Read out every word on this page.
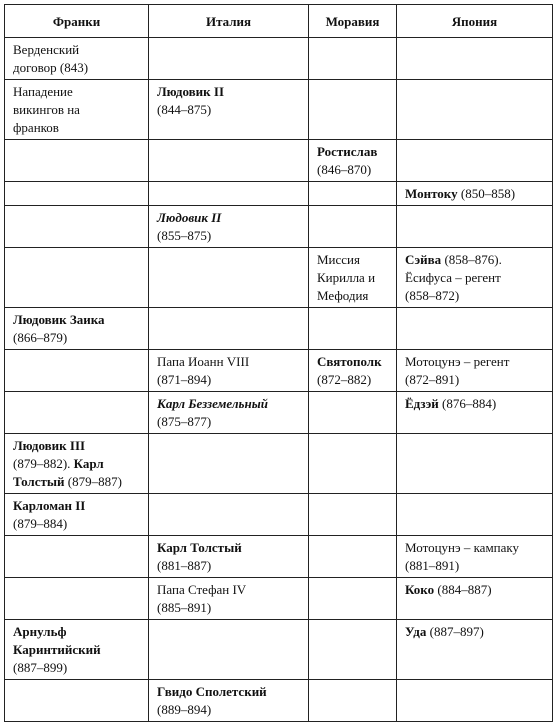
Франки	Италия	Моравия	Япония

Верденский
договор (843)			

Нападение
викингов на
франков	Людовик II
(844–875)		

		Ростислав
(846–870)	

			Монтоку (850–858)

	Людовик II
(855–875)		

		Миссия
Кирилла и
Мефодия	Сэйва (858–876).
Ёсифуса – регент
(858–872)

Людовик Заика
(866–879)			

	Папа Иоанн VIII
(871–894)	Святополк
(872–882)	Мотоцунэ – регент
(872–891)

	Карл Безземельный
(875–877)		Ёдзэй (876–884)

Людовик III
(879–882). Карл
Толстый (879–887)			

Карломан II
(879–884)			

	Карл Толстый
(881–887)		Мотоцунэ – кампаку
(881–891)

	Папа Стефан IV
(885–891)		Коко (884–887)

Арнульф
Каринтийский
(887–899)			Уда (887–897)

	Гвидо Сполетский
(889–894)		
